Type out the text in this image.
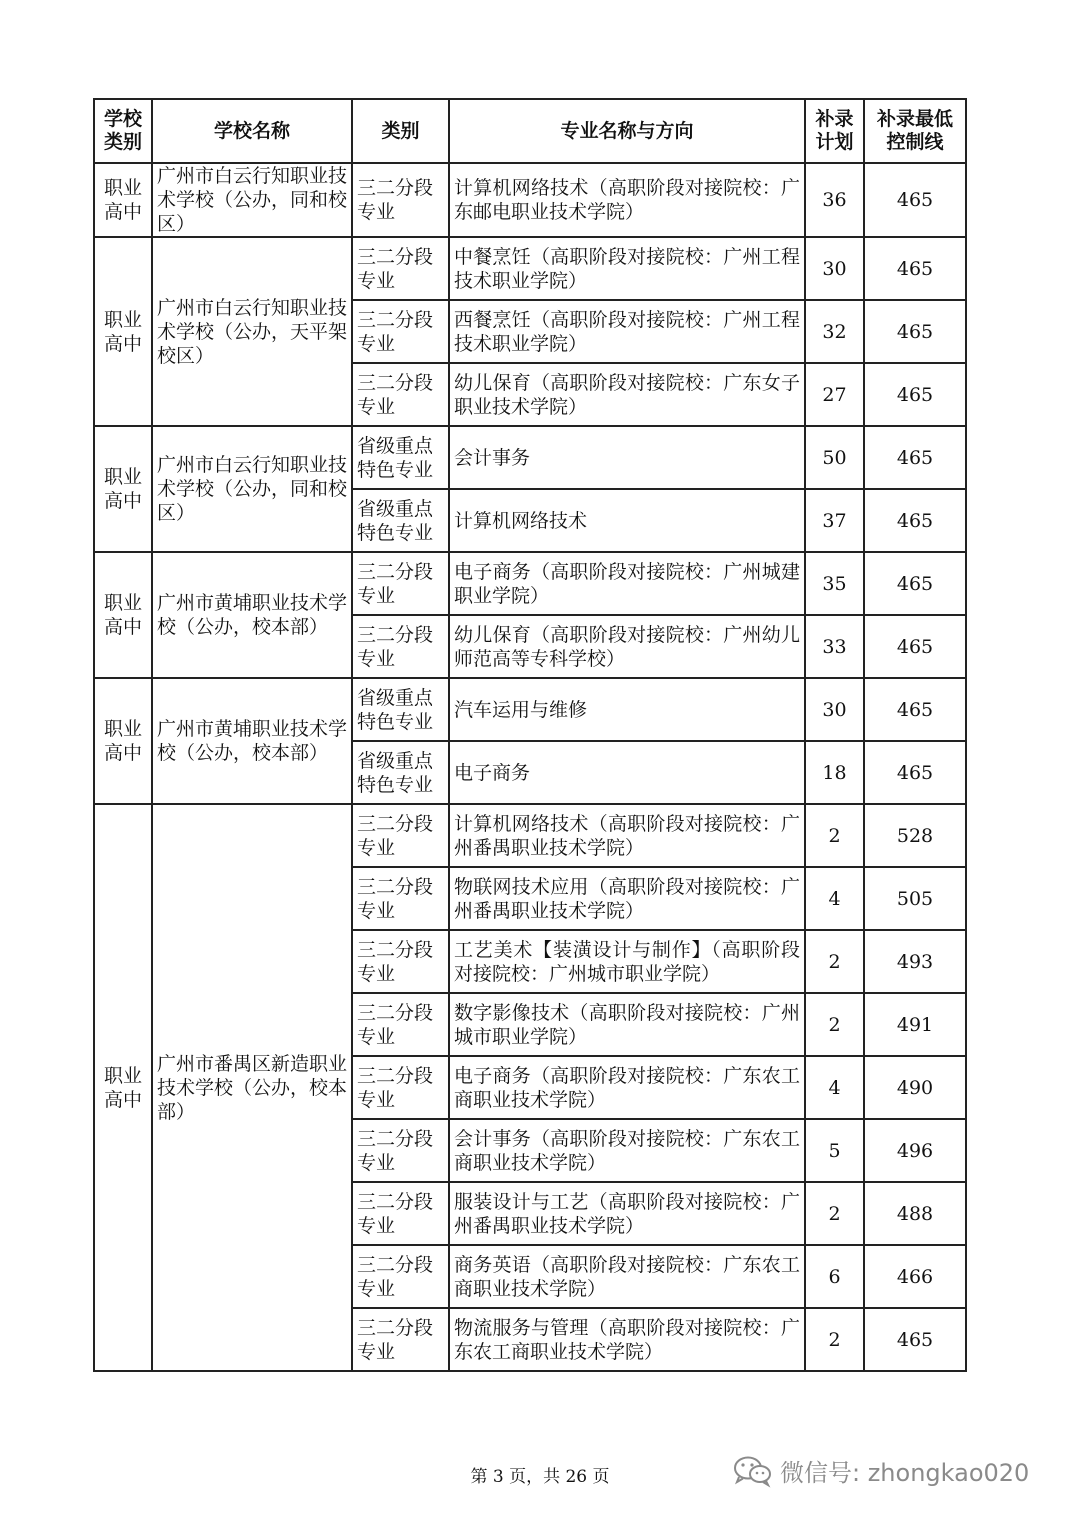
学校类别	学校名称	类别	专业名称与方向	补录计划	补录最低控制线
职业高中	广州市白云行知职业技术学校（公办，同和校区）	三二分段专业	计算机网络技术（高职阶段对接院校：广东邮电职业技术学院）	36	465
职业高中	广州市白云行知职业技术学校（公办，天平架校区）	三二分段专业	中餐烹饪（高职阶段对接院校：广州工程技术职业学院）	30	465
		三二分段专业	西餐烹饪（高职阶段对接院校：广州工程技术职业学院）	32	465
		三二分段专业	幼儿保育（高职阶段对接院校：广东女子职业技术学院）	27	465
职业高中	广州市白云行知职业技术学校（公办，同和校区）	省级重点特色专业	会计事务	50	465
		省级重点特色专业	计算机网络技术	37	465
职业高中	广州市黄埔职业技术学校（公办，校本部）	三二分段专业	电子商务（高职阶段对接院校：广州城建职业学院）	35	465
		三二分段专业	幼儿保育（高职阶段对接院校：广州幼儿师范高等专科学校）	33	465
职业高中	广州市黄埔职业技术学校（公办，校本部）	省级重点特色专业	汽车运用与维修	30	465
		省级重点特色专业	电子商务	18	465
职业高中	广州市番禺区新造职业技术学校（公办，校本部）	三二分段专业	计算机网络技术（高职阶段对接院校：广州番禺职业技术学院）	2	528
		三二分段专业	物联网技术应用（高职阶段对接院校：广州番禺职业技术学院）	4	505
		三二分段专业	工艺美术【装潢设计与制作】（高职阶段对接院校：广州城市职业学院）	2	493
		三二分段专业	数字影像技术（高职阶段对接院校：广州城市职业学院）	2	491
		三二分段专业	电子商务（高职阶段对接院校：广东农工商职业技术学院）	4	490
		三二分段专业	会计事务（高职阶段对接院校：广东农工商职业技术学院）	5	496
		三二分段专业	服装设计与工艺（高职阶段对接院校：广州番禺职业技术学院）	2	488
		三二分段专业	商务英语（高职阶段对接院校：广东农工商职业技术学院）	6	466
		三二分段专业	物流服务与管理（高职阶段对接院校：广东农工商职业技术学院）	2	465
第 3 页，共 26 页	微信号: zhongkao020
